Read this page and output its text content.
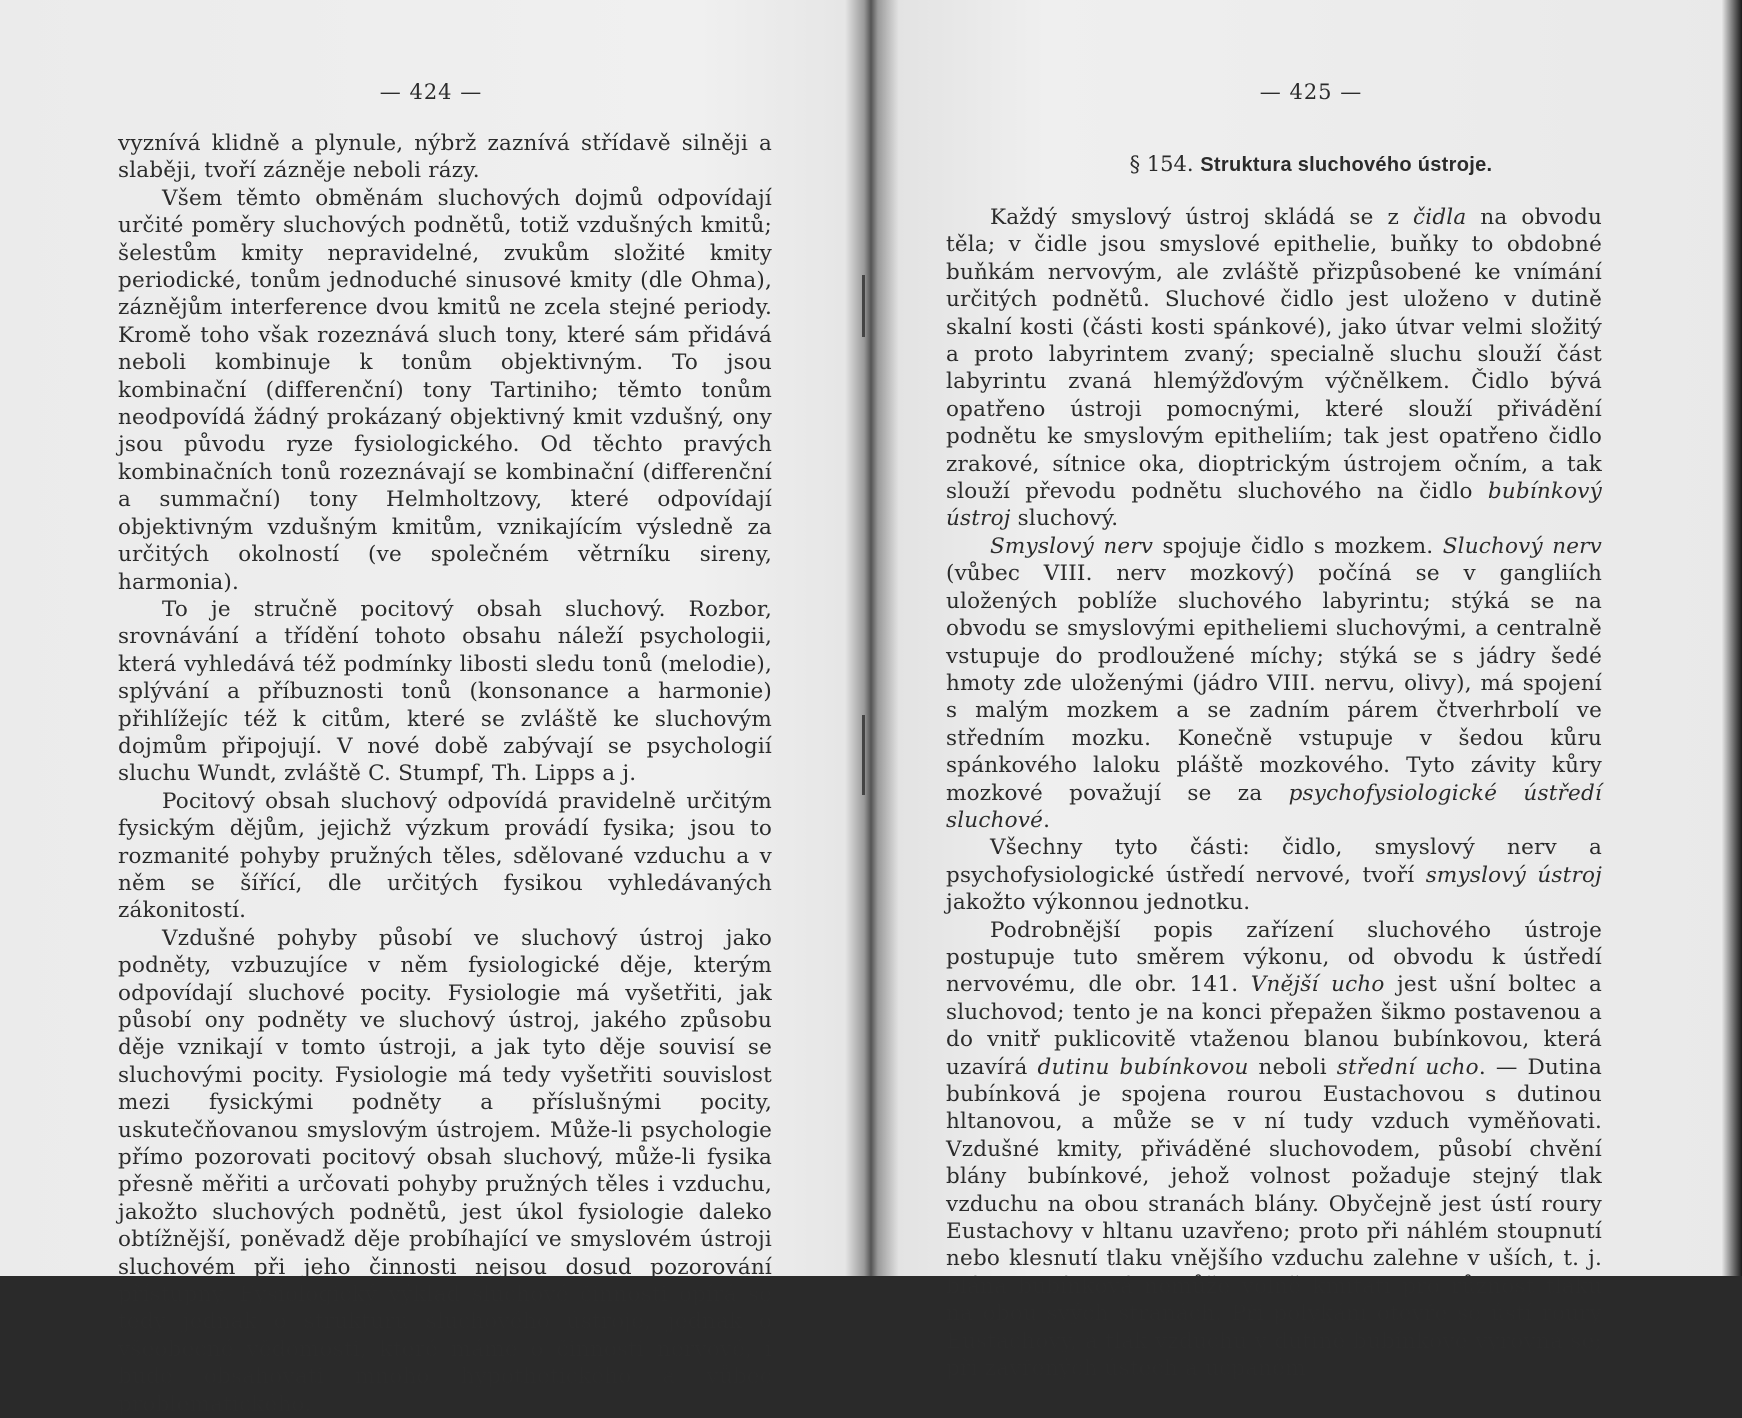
— 424 —

vyznívá klidně a plynule, nýbrž zaznívá střídavě silněji a slaběji, tvoří zázněje neboli rázy.

Všem těmto obměnám sluchových dojmů odpovídají určité poměry sluchových podnětů, totiž vzdušných kmitů; šelestům kmity nepravidelné, zvukům složité kmity periodické, tonům jednoduché sinusové kmity (dle Ohma), záznějům interference dvou kmitů ne zcela stejné periody. Kromě toho však rozeznává sluch tony, které sám přidává neboli kombinuje k tonům objektivným. To jsou kombinační (differenční) tony Tartiniho; těmto tonům neodpovídá žádný prokázaný objektivný kmit vzdušný, ony jsou původu ryze fysiologického. Od těchto pravých kombinačních tonů rozeznávají se kombinační (differenční a summační) tony Helmholtzovy, které odpovídají objektivným vzdušným kmitům, vznikajícím výsledně za určitých okolností (ve společném větrníku sireny, harmonia).

To je stručně pocitový obsah sluchový. Rozbor, srovnávání a třídění tohoto obsahu náleží psychologii, která vyhledává též podmínky libosti sledu tonů (melodie), splývání a příbuznosti tonů (konsonance a harmonie) přihlížejíc též k citům, které se zvláště ke sluchovým dojmům připojují. V nové době zabývají se psychologií sluchu Wundt, zvláště C. Stumpf, Th. Lipps a j.

Pocitový obsah sluchový odpovídá pravidelně určitým fysickým dějům, jejichž výzkum provádí fysika; jsou to rozmanité pohyby pružných těles, sdělované vzduchu a v něm se šířící, dle určitých fysikou vyhledávaných zákonitostí.

Vzdušné pohyby působí ve sluchový ústroj jako podněty, vzbuzujíce v něm fysiologické děje, kterým odpovídají sluchové pocity. Fysiologie má vyšetřiti, jak působí ony podněty ve sluchový ústroj, jakého způsobu děje vznikají v tomto ústroji, a jak tyto děje souvisí se sluchovými pocity. Fysiologie má tedy vyšetřiti souvislost mezi fysickými podněty a příslušnými pocity, uskutečňovanou smyslovým ústrojem. Může-li psychologie přímo pozorovati pocitový obsah sluchový, může-li fysika přesně měřiti a určovati pohyby pružných těles i vzduchu, jakožto sluchových podnětů, jest úkol fysiologie daleko obtížnější, poněvadž děje probíhající ve smyslovém ústroji sluchovém při jeho činnosti nejsou dosud pozorování přístupny. Fysiologický výklad sluchové činnosti opírá se tedy jednak o strukturu sluchového ústroje, jednak o všeobecné vědomosti, které máme o činnosti nervové, i bude obsahovati mnoho hypothetického a vůbec problematického.

— 425 —
§ 154. Struktura sluchového ústroje.

Každý smyslový ústroj skládá se z čidla na obvodu těla; v čidle jsou smyslové epithelie, buňky to obdobné buňkám nervovým, ale zvláště přizpůsobené ke vnímání určitých podnětů. Sluchové čidlo jest uloženo v dutině skalní kosti (části kosti spánkové), jako útvar velmi složitý a proto labyrintem zvaný; specialně sluchu slouží část labyrintu zvaná hlemýžďovým výčnělkem. Čidlo bývá opatřeno ústroji pomocnými, které slouží přivádění podnětu ke smyslovým epitheliím; tak jest opatřeno čidlo zrakové, sítnice oka, dioptrickým ústrojem očním, a tak slouží převodu podnětu sluchového na čidlo bubínkový ústroj sluchový.

Smyslový nerv spojuje čidlo s mozkem. Sluchový nerv (vůbec VIII. nerv mozkový) počíná se v gangliích uložených poblíže sluchového labyrintu; stýká se na obvodu se smyslovými epitheliemi sluchovými, a centralně vstupuje do prodloužené míchy; stýká se s jádry šedé hmoty zde uloženými (jádro VIII. nervu, olivy), má spojení s malým mozkem a se zadním párem čtverhrbolí ve středním mozku. Konečně vstupuje v šedou kůru spánkového laloku pláště mozkového. Tyto závity kůry mozkové považují se za psychofysiologické ústředí sluchové.

Všechny tyto části: čidlo, smyslový nerv a psychofysiologické ústředí nervové, tvoří smyslový ústroj jakožto výkonnou jednotku.

Podrobnější popis zařízení sluchového ústroje postupuje tuto směrem výkonu, od obvodu k ústředí nervovému, dle obr. 141. Vnější ucho jest ušní boltec a sluchovod; tento je na konci přepažen šikmo postavenou a do vnitř puklicovitě vtaženou blanou bubínkovou, která uzavírá dutinu bubínkovou neboli střední ucho. — Dutina bubínková je spojena rourou Eustachovou s dutinou hltanovou, a může se v ní tudy vzduch vyměňovati. Vzdušné kmity, přiváděné sluchovodem, působí chvění blány bubínkové, jehož volnost požaduje stejný tlak vzduchu na obou stranách blány. Obyčejně jest ústí roury Eustachovy v hltanu uzavřeno; proto při náhlém stoupnutí nebo klesnutí tlaku vnějšího vzduchu zalehne v uších, t. j. blána bubínková nemůže volně kmitati pro různost tlaku na obou svých stranách. Při polykání otevře se ústí roury Eustachovy, a tlak vzduchu v dutině bubínkové vyrovná se; při zavřených ústech a ucpaném
